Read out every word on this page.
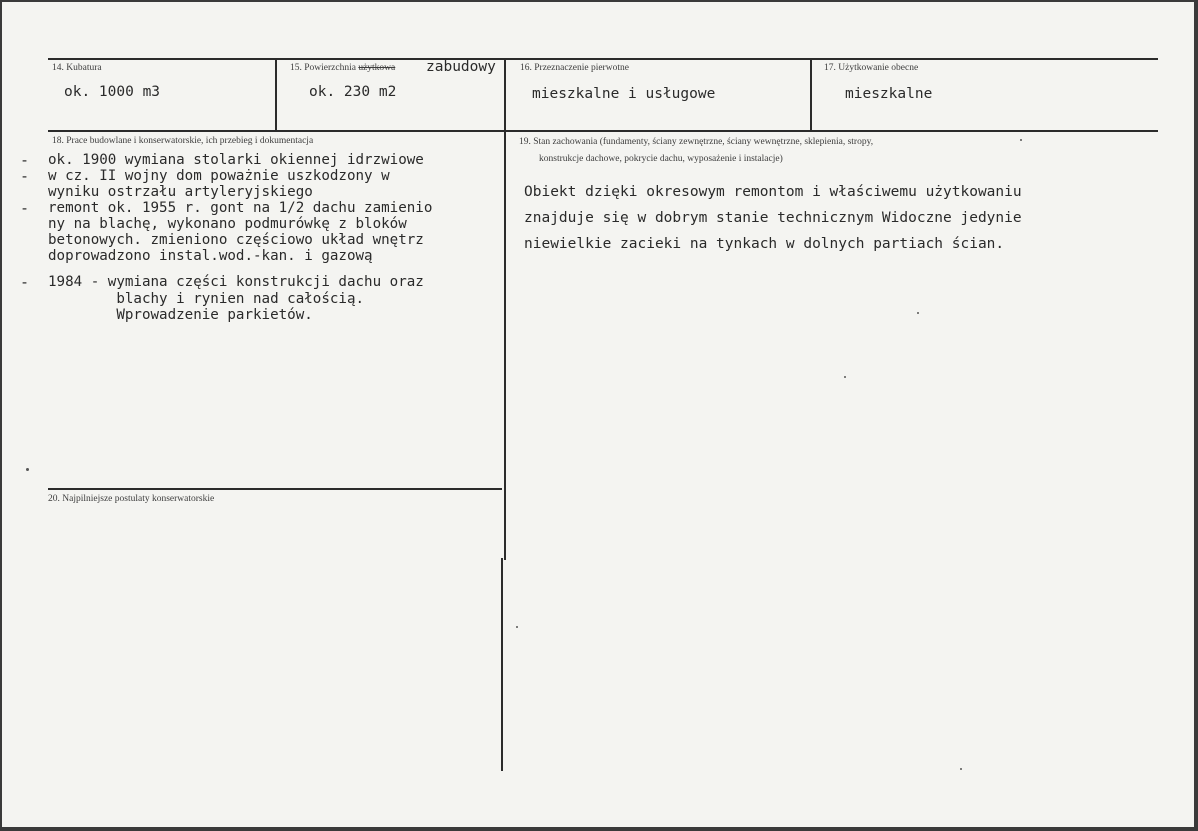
14. Kubatura
ok. 1000 m3
15. Powierzchnia użytkowa zabudowy
ok. 230 m2
16. Przeznaczenie pierwotne
mieszkalne i usługowe
17. Użytkowanie obecne
mieszkalne
18. Prace budowlane i konserwatorskie, ich przebieg i dokumentacja
-
-
-
-
ok. 1900 wymiana stolarki okiennej idrzwiowe
w cz. II wojny dom poważnie uszkodzony w
wyniku ostrzału artyleryjskiego
remont ok. 1955 r. gont na 1/2 dachu zamienio
ny na blachę, wykonano podmurówkę z bloków
betonowych. zmieniono częściowo układ wnętrz
doprowadzono instal.wod.-kan. i gazową
1984 - wymiana części konstrukcji dachu oraz
blachy i rynien nad całością.
Wprowadzenie parkietów.
19. Stan zachowania (fundamenty, ściany zewnętrzne, ściany wewnętrzne, sklepienia, stropy,
konstrukcje dachowe, pokrycie dachu, wyposażenie i instalacje)
Obiekt dzięki okresowym remontom i właściwemu użytkowaniu
znajduje się w dobrym stanie technicznym Widoczne jedynie
niewielkie zacieki na tynkach w dolnych partiach ścian.
20. Najpilniejsze postulaty konserwatorskie
